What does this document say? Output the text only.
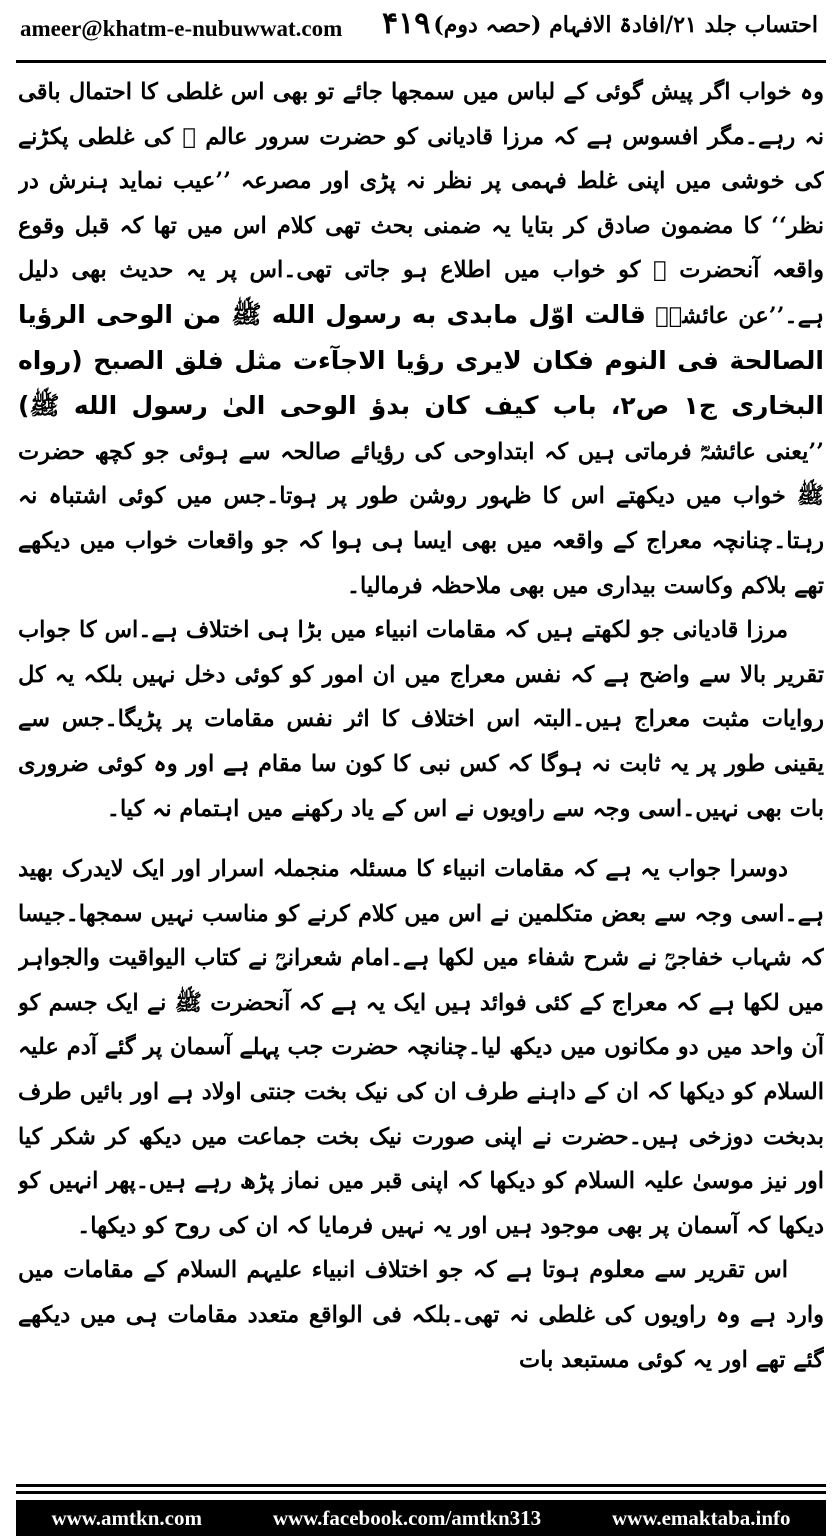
ameer@khatm-e-nubuwwat.com ۴۱۹ احتساب جلد ۲۱/افادۃ الافہام (حصہ دوم)

وہ خواب اگر پیش گوئی کے لباس میں سمجھا جائے تو بھی اس غلطی کا احتمال باقی نہ رہے۔مگر افسوس ہے کہ مرزا قادیانی کو حضرت سرور عالم ﷺ کی غلطی پکڑنے کی خوشی میں اپنی غلط فہمی پر نظر نہ پڑی اور مصرعہ ’’عیب نماید ہنرش در نظر‘‘ کا مضمون صادق کر بتایا یہ ضمنی بحث تھی کلام اس میں تھا کہ قبل وقوع واقعہ آنحضرت ﷺ کو خواب میں اطلاع ہو جاتی تھی۔اس پر یہ حدیث بھی دلیل ہے۔’’عن عائشہؓ قالت اوّل مابدی به رسول الله ﷺ من الوحی الرؤیا الصالحة فی النوم فكان لایری رؤیا الاجآءت مثل فلق الصبح (رواه البخاری ج۱ ص۲، باب كیف كان بدؤ الوحی الیٰ رسول الله ﷺ) ’’یعنی عائشہؓ فرماتی ہیں کہ ابتداوحی کی رؤیائے صالحہ سے ہوئی جو کچھ حضرت ﷺ خواب میں دیکھتے اس کا ظہور روشن طور پر ہوتا۔جس میں کوئی اشتباہ نہ رہتا۔چنانچہ معراج کے واقعہ میں بھی ایسا ہی ہوا کہ جو واقعات خواب میں دیکھے تھے بلاکم وکاست بیداری میں بھی ملاحظہ فرمالیا۔

مرزا قادیانی جو لکھتے ہیں کہ مقامات انبیاء میں بڑا ہی اختلاف ہے۔اس کا جواب تقریر بالا سے واضح ہے کہ نفس معراج میں ان امور کو کوئی دخل نہیں بلکہ یہ کل روایات مثبت معراج ہیں۔البتہ اس اختلاف کا اثر نفس مقامات پر پڑیگا۔جس سے یقینی طور پر یہ ثابت نہ ہوگا کہ کس نبی کا کون سا مقام ہے اور وہ کوئی ضروری بات بھی نہیں۔اسی وجہ سے راویوں نے اس کے یاد رکھنے میں اہتمام نہ کیا۔

دوسرا جواب یہ ہے کہ مقامات انبیاء کا مسئلہ منجملہ اسرار اور ایک لایدرک بھید ہے۔اسی وجہ سے بعض متکلمین نے اس میں کلام کرنے کو مناسب نہیں سمجھا۔جیسا کہ شہاب خفاجیؒ نے شرح شفاء میں لکھا ہے۔امام شعرانیؒ نے کتاب الیواقیت والجواہر میں لکھا ہے کہ معراج کے کئی فوائد ہیں ایک یہ ہے کہ آنحضرت ﷺ نے ایک جسم کو آن واحد میں دو مکانوں میں دیکھ لیا۔چنانچہ حضرت جب پہلے آسمان پر گئے آدم علیہ السلام کو دیکھا کہ ان کے داہنے طرف ان کی نیک بخت جنتی اولاد ہے اور بائیں طرف بدبخت دوزخی ہیں۔حضرت نے اپنی صورت نیک بخت جماعت میں دیکھ کر شکر کیا اور نیز موسیٰ علیہ السلام کو دیکھا کہ اپنی قبر میں نماز پڑھ رہے ہیں۔پھر انہیں کو دیکھا کہ آسمان پر بھی موجود ہیں اور یہ نہیں فرمایا کہ ان کی روح کو دیکھا۔

اس تقریر سے معلوم ہوتا ہے کہ جو اختلاف انبیاء علیہم السلام کے مقامات میں وارد ہے وہ راویوں کی غلطی نہ تھی۔بلکہ فی الواقع متعدد مقامات ہی میں دیکھے گئے تھے اور یہ کوئی مستبعد بات

www.amtkn.com	www.facebook.com/amtkn313	www.emaktaba.info
